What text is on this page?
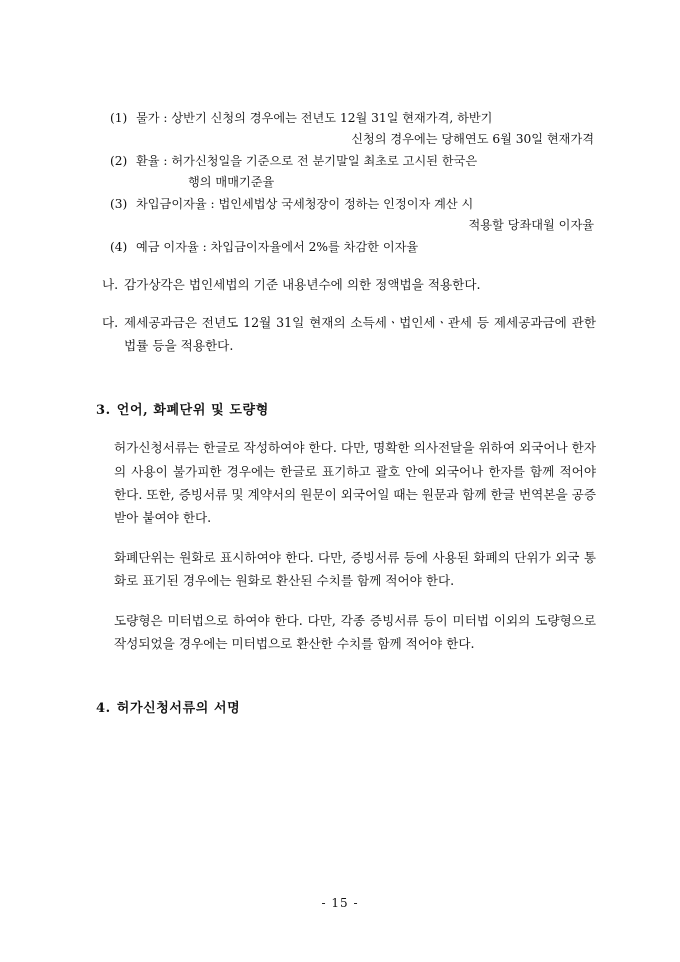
(1) 물가 : 상반기 신청의 경우에는 전년도 12월 31일 현재가격, 하반기
신청의 경우에는 당해연도 6월 30일 현재가격
(2) 환율 : 허가신청일을 기준으로 전 분기말일 최초로 고시된 한국은
행의 매매기준율
(3) 차입금이자율 : 법인세법상 국세청장이 정하는 인정이자 계산 시
적용할 당좌대월 이자율
(4) 예금 이자율 : 차입금이자율에서 2%를 차감한 이자율
나. 감가상각은 법인세법의 기준 내용년수에 의한 정액법을 적용한다.
다. 제세공과금은 전년도 12월 31일 현재의 소득세ㆍ법인세ㆍ관세 등 제세공과금에 관한 법률 등을 적용한다.
3. 언어, 화폐단위 및 도량형

허가신청서류는 한글로 작성하여야 한다. 다만, 명확한 의사전달을 위하여 외국어나 한자의 사용이 불가피한 경우에는 한글로 표기하고 괄호 안에 외국어나 한자를 함께 적어야 한다. 또한, 증빙서류 및 계약서의 원문이 외국어일 때는 원문과 함께 한글 번역본을 공증받아 붙여야 한다.

화폐단위는 원화로 표시하여야 한다. 다만, 증빙서류 등에 사용된 화폐의 단위가 외국 통화로 표기된 경우에는 원화로 환산된 수치를 함께 적어야 한다.

도량형은 미터법으로 하여야 한다. 다만, 각종 증빙서류 등이 미터법 이외의 도량형으로 작성되었을 경우에는 미터법으로 환산한 수치를 함께 적어야 한다.

4. 허가신청서류의 서명
- 15 -
